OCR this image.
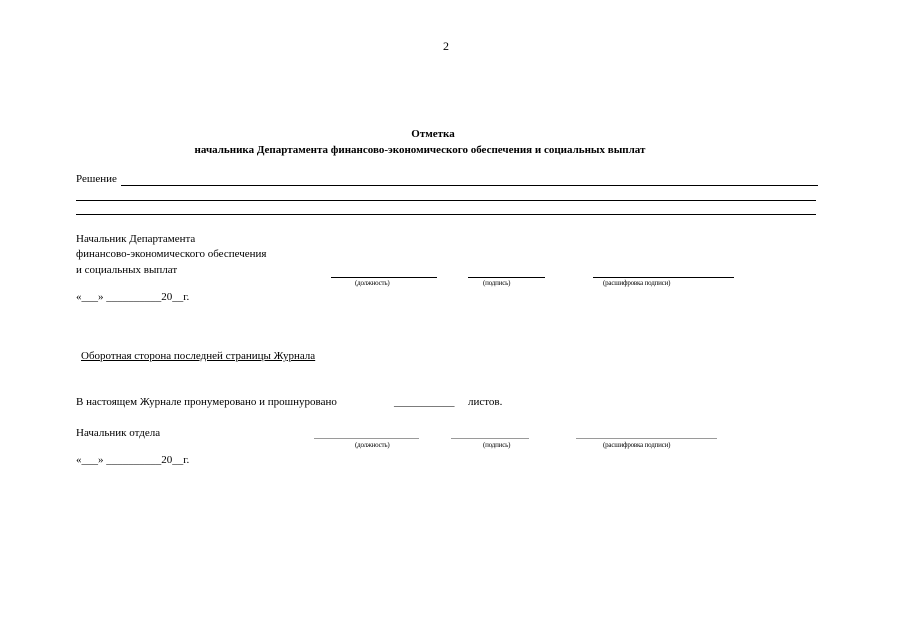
2
Отметка
начальника Департамента финансово-экономического обеспечения и социальных выплат
Решение
Начальник Департамента
финансово-экономического обеспечения
и социальных выплат
(должность)	(подпись)	(расшифровка подписи)
«___» __________20__г.
Оборотная сторона последней страницы Журнала
В настоящем Журнале пронумеровано и прошнуровано	___________ листов.
Начальник отдела
(должность)	(подпись)	(расшифровка подписи)
«___» __________20__г.
